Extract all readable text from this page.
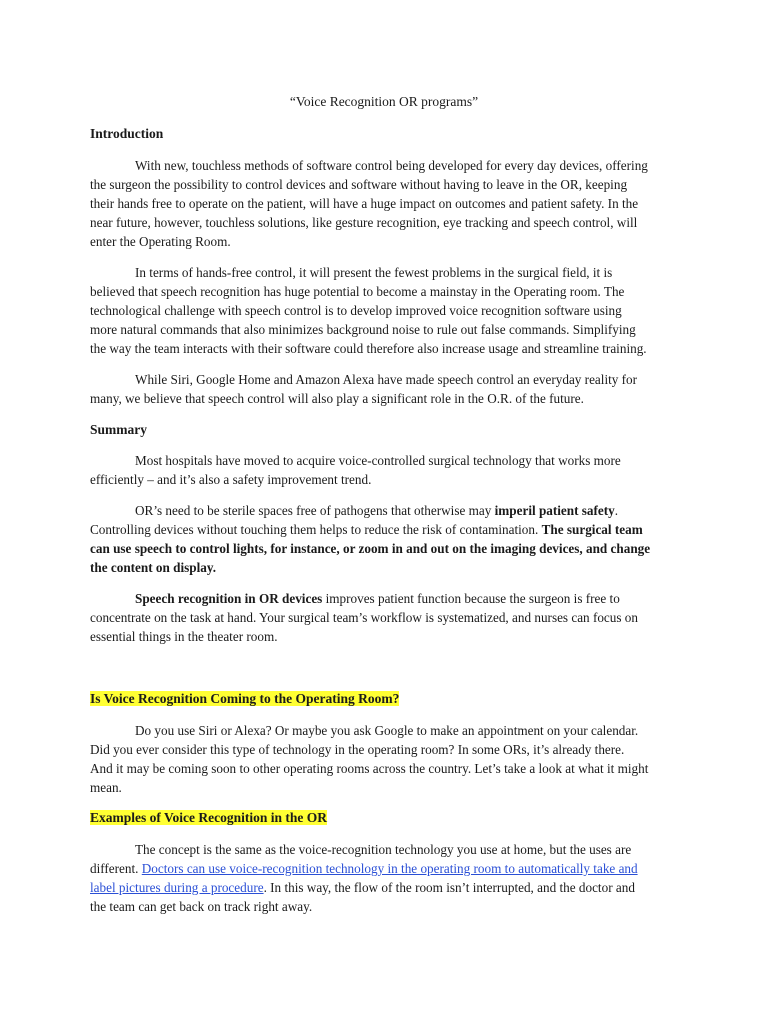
“Voice Recognition OR programs”
Introduction
With new, touchless methods of software control being developed for every day devices, offering
the surgeon the possibility to control devices and software without having to leave in the OR, keeping
their hands free to operate on the patient, will have a huge impact on outcomes and patient safety. In the
near future, however, touchless solutions, like gesture recognition, eye tracking and speech control, will
enter the Operating Room.
In terms of hands-free control, it will present the fewest problems in the surgical field, it is
believed that speech recognition has huge potential to become a mainstay in the Operating room. The
technological challenge with speech control is to develop improved voice recognition software using
more natural commands that also minimizes background noise to rule out false commands. Simplifying
the way the team interacts with their software could therefore also increase usage and streamline training.
While Siri, Google Home and Amazon Alexa have made speech control an everyday reality for
many, we believe that speech control will also play a significant role in the O.R. of the future.
Summary
Most hospitals have moved to acquire voice-controlled surgical technology that works more
efficiently – and it’s also a safety improvement trend.
OR’s need to be sterile spaces free of pathogens that otherwise may imperil patient safety.
Controlling devices without touching them helps to reduce the risk of contamination. The surgical team
can use speech to control lights, for instance, or zoom in and out on the imaging devices, and change
the content on display.
Speech recognition in OR devices improves patient function because the surgeon is free to
concentrate on the task at hand. Your surgical team’s workflow is systematized, and nurses can focus on
essential things in the theater room.
Is Voice Recognition Coming to the Operating Room?
Do you use Siri or Alexa? Or maybe you ask Google to make an appointment on your calendar.
Did you ever consider this type of technology in the operating room? In some ORs, it’s already there.
And it may be coming soon to other operating rooms across the country. Let’s take a look at what it might
mean.
Examples of Voice Recognition in the OR
The concept is the same as the voice-recognition technology you use at home, but the uses are
different. Doctors can use voice-recognition technology in the operating room to automatically take and
label pictures during a procedure. In this way, the flow of the room isn’t interrupted, and the doctor and
the team can get back on track right away.
